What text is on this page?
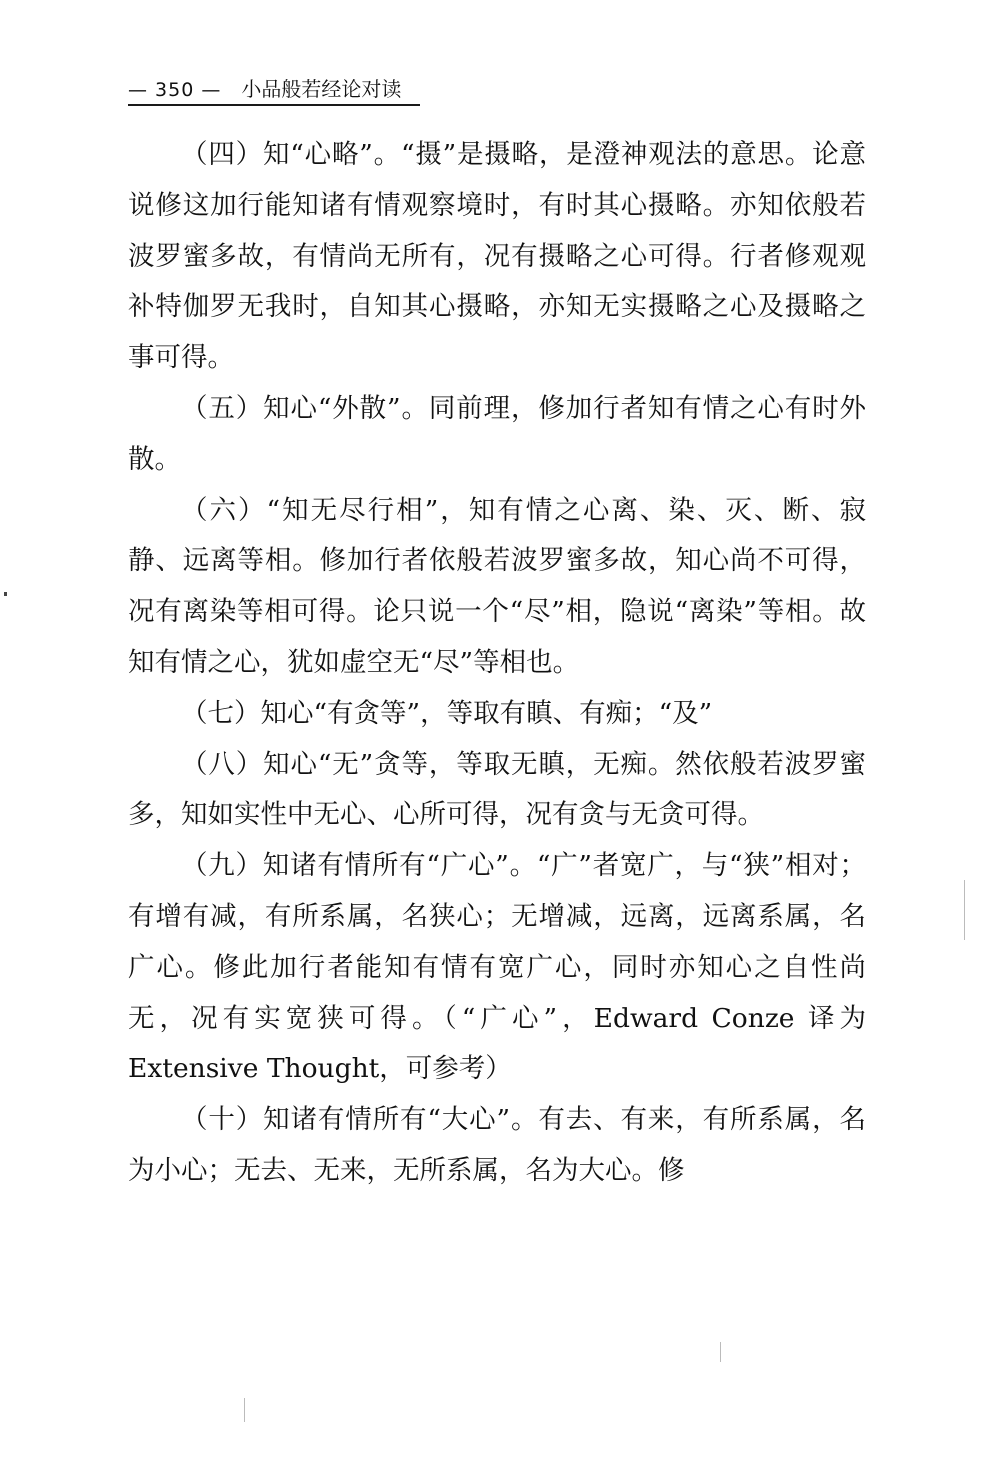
— 350 — 小品般若经论对读

（四）知“心略”。“摄”是摄略，是澄神观法的意思。论意说修这加行能知诸有情观察境时，有时其心摄略。亦知依般若波罗蜜多故，有情尚无所有，况有摄略之心可得。行者修观观补特伽罗无我时，自知其心摄略，亦知无实摄略之心及摄略之事可得。

（五）知心“外散”。同前理，修加行者知有情之心有时外散。

（六）“知无尽行相”，知有情之心离、染、灭、断、寂静、远离等相。修加行者依般若波罗蜜多故，知心尚不可得，况有离染等相可得。论只说一个“尽”相，隐说“离染”等相。故知有情之心，犹如虚空无“尽”等相也。

（七）知心“有贪等”，等取有瞋、有痴；“及”

（八）知心“无”贪等，等取无瞋，无痴。然依般若波罗蜜多，知如实性中无心、心所可得，况有贪与无贪可得。

（九）知诸有情所有“广心”。“广”者宽广，与“狭”相对；有增有减，有所系属，名狭心；无增减，远离，远离系属，名广心。修此加行者能知有情有宽广心，同时亦知心之自性尚无，况有实宽狭可得。（“广心”，Edward Conze 译为 Extensive Thought，可参考）

（十）知诸有情所有“大心”。有去、有来，有所系属，名为小心；无去、无来，无所系属，名为大心。修
